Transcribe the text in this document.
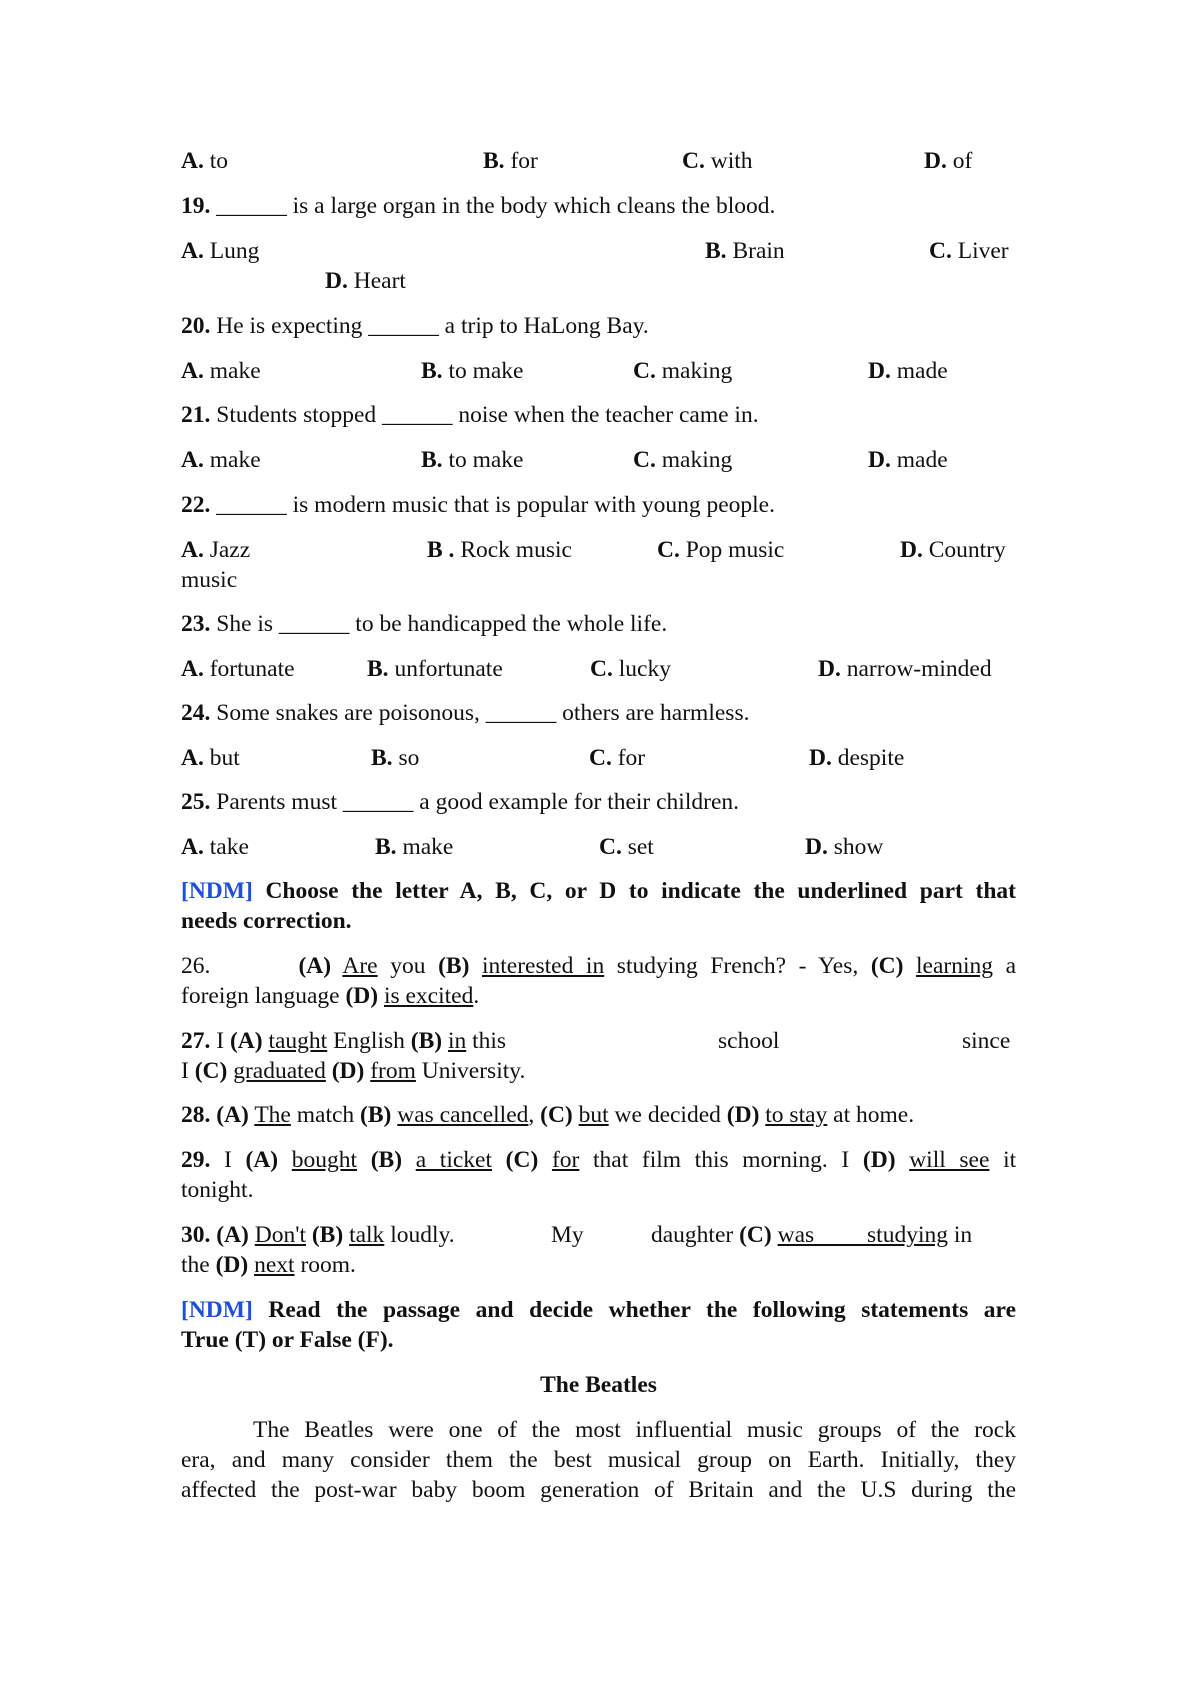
A. to	B. for	C. with	D. of
19. ______ is a large organ in the body which cleans the blood.
A. Lung	B. Brain	C. Liver
D. Heart
20. He is expecting ______ a trip to HaLong Bay.
A. make	B. to make	C. making	D. made
21. Students stopped ______ noise when the teacher came in.
A. make	B. to make	C. making	D. made
22. ______ is modern music that is popular with young people.
A. Jazz	B . Rock music	C. Pop music	D. Country
music
23. She is ______ to be handicapped the whole life.
A. fortunate	B. unfortunate	C. lucky	D. narrow-minded
24. Some snakes are poisonous, ______ others are harmless.
A. but	B. so	C. for	D. despite
25. Parents must ______ a good example for their children.
A. take	B. make	C. set	D. show
[NDM] Choose the letter A, B, C, or D to indicate the underlined part that
needs correction.
26.	(A) Are you (B) interested in studying French? - Yes, (C) learning a
foreign language (D) is excited.
27. I (A) taught English (B) in this	school	since
I (C) graduated (D) from University.
28. (A) The match (B) was cancelled, (C) but we decided (D) to stay at home.
29. I (A) bought (B) a ticket (C) for that film this morning. I (D) will see it
tonight.
30. (A) Don't (B) talk loudly.	My	daughter (C) was         studying in
the (D) next room.
[NDM] Read the passage and decide whether the following statements are
True (T) or False (F).
The Beatles
The Beatles were one of the most influential music groups of the rock
era, and many consider them the best musical group on Earth. Initially, they
affected the post-war baby boom generation of Britain and the U.S during the
